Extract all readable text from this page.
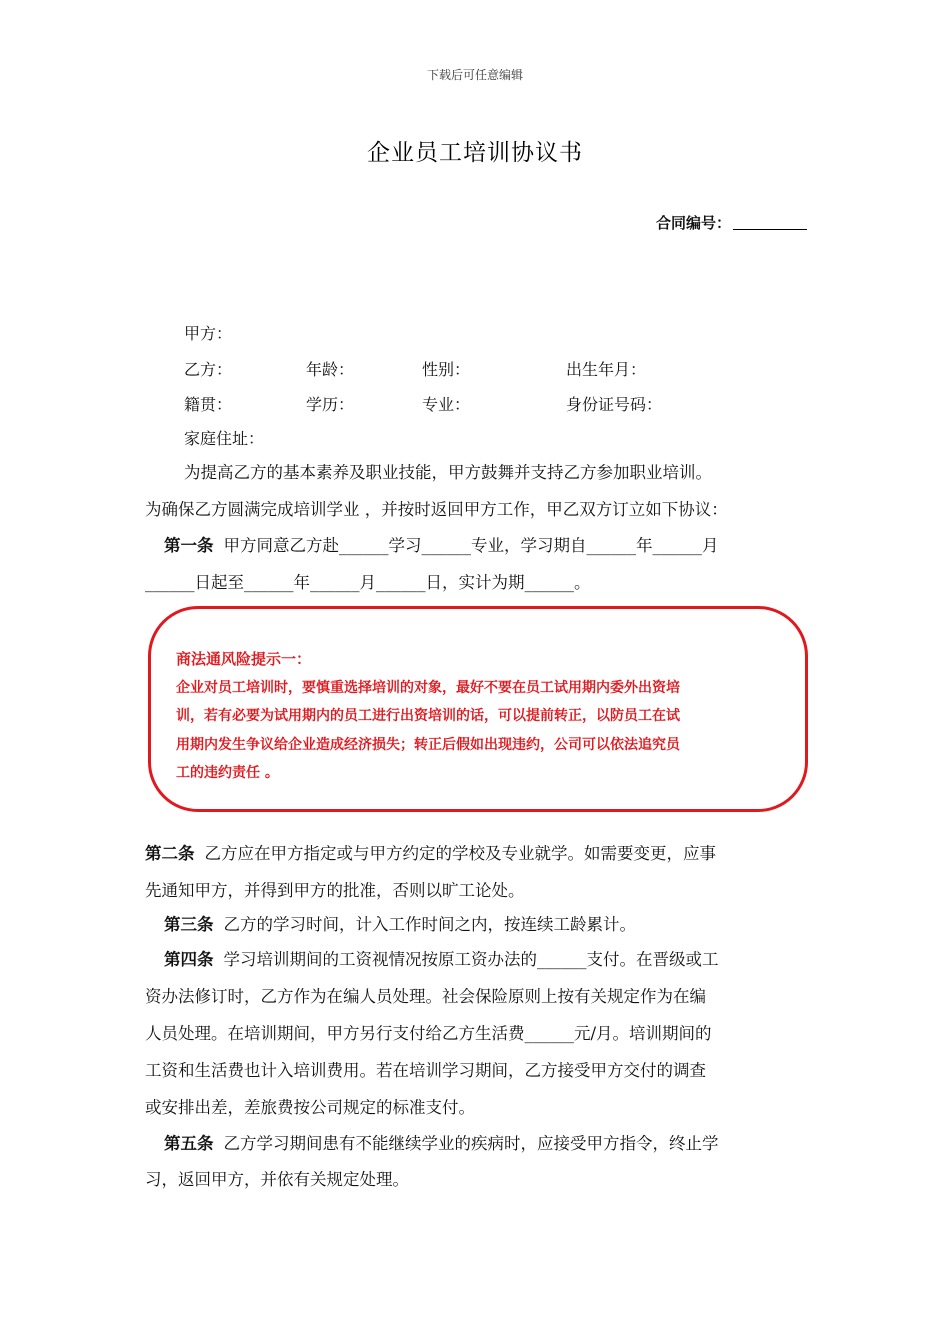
下载后可任意编辑
企业员工培训协议书
合同编号：
甲方：
乙方：	年龄：	性别：	出生年月：
籍贯：	学历：	专业：	身份证号码：
家庭住址：
为提高乙方的基本素养及职业技能，甲方鼓舞并支持乙方参加职业培训。
为确保乙方圆满完成培训学业 ，并按时返回甲方工作，甲乙双方订立如下协议：
第一条 甲方同意乙方赴______学习______专业，学习期自______年______月
______日起至______年______月______日，实计为期______。
商法通风险提示一：
企业对员工培训时，要慎重选择培训的对象，最好不要在员工试用期内委外出资培
训，若有必要为试用期内的员工进行出资培训的话，可以提前转正，以防员工在试
用期内发生争议给企业造成经济损失；转正后假如出现违约，公司可以依法追究员
工的违约责任 。
第二条 乙方应在甲方指定或与甲方约定的学校及专业就学。如需要变更，应事
先通知甲方，并得到甲方的批准，否则以旷工论处。
第三条 乙方的学习时间，计入工作时间之内，按连续工龄累计。
第四条 学习培训期间的工资视情况按原工资办法的______支付。在晋级或工
资办法修订时，乙方作为在编人员处理。社会保险原则上按有关规定作为在编
人员处理。在培训期间，甲方另行支付给乙方生活费______元/月。培训期间的
工资和生活费也计入培训费用。若在培训学习期间，乙方接受甲方交付的调查
或安排出差，差旅费按公司规定的标准支付。
第五条 乙方学习期间患有不能继续学业的疾病时，应接受甲方指令，终止学
习，返回甲方，并依有关规定处理。
